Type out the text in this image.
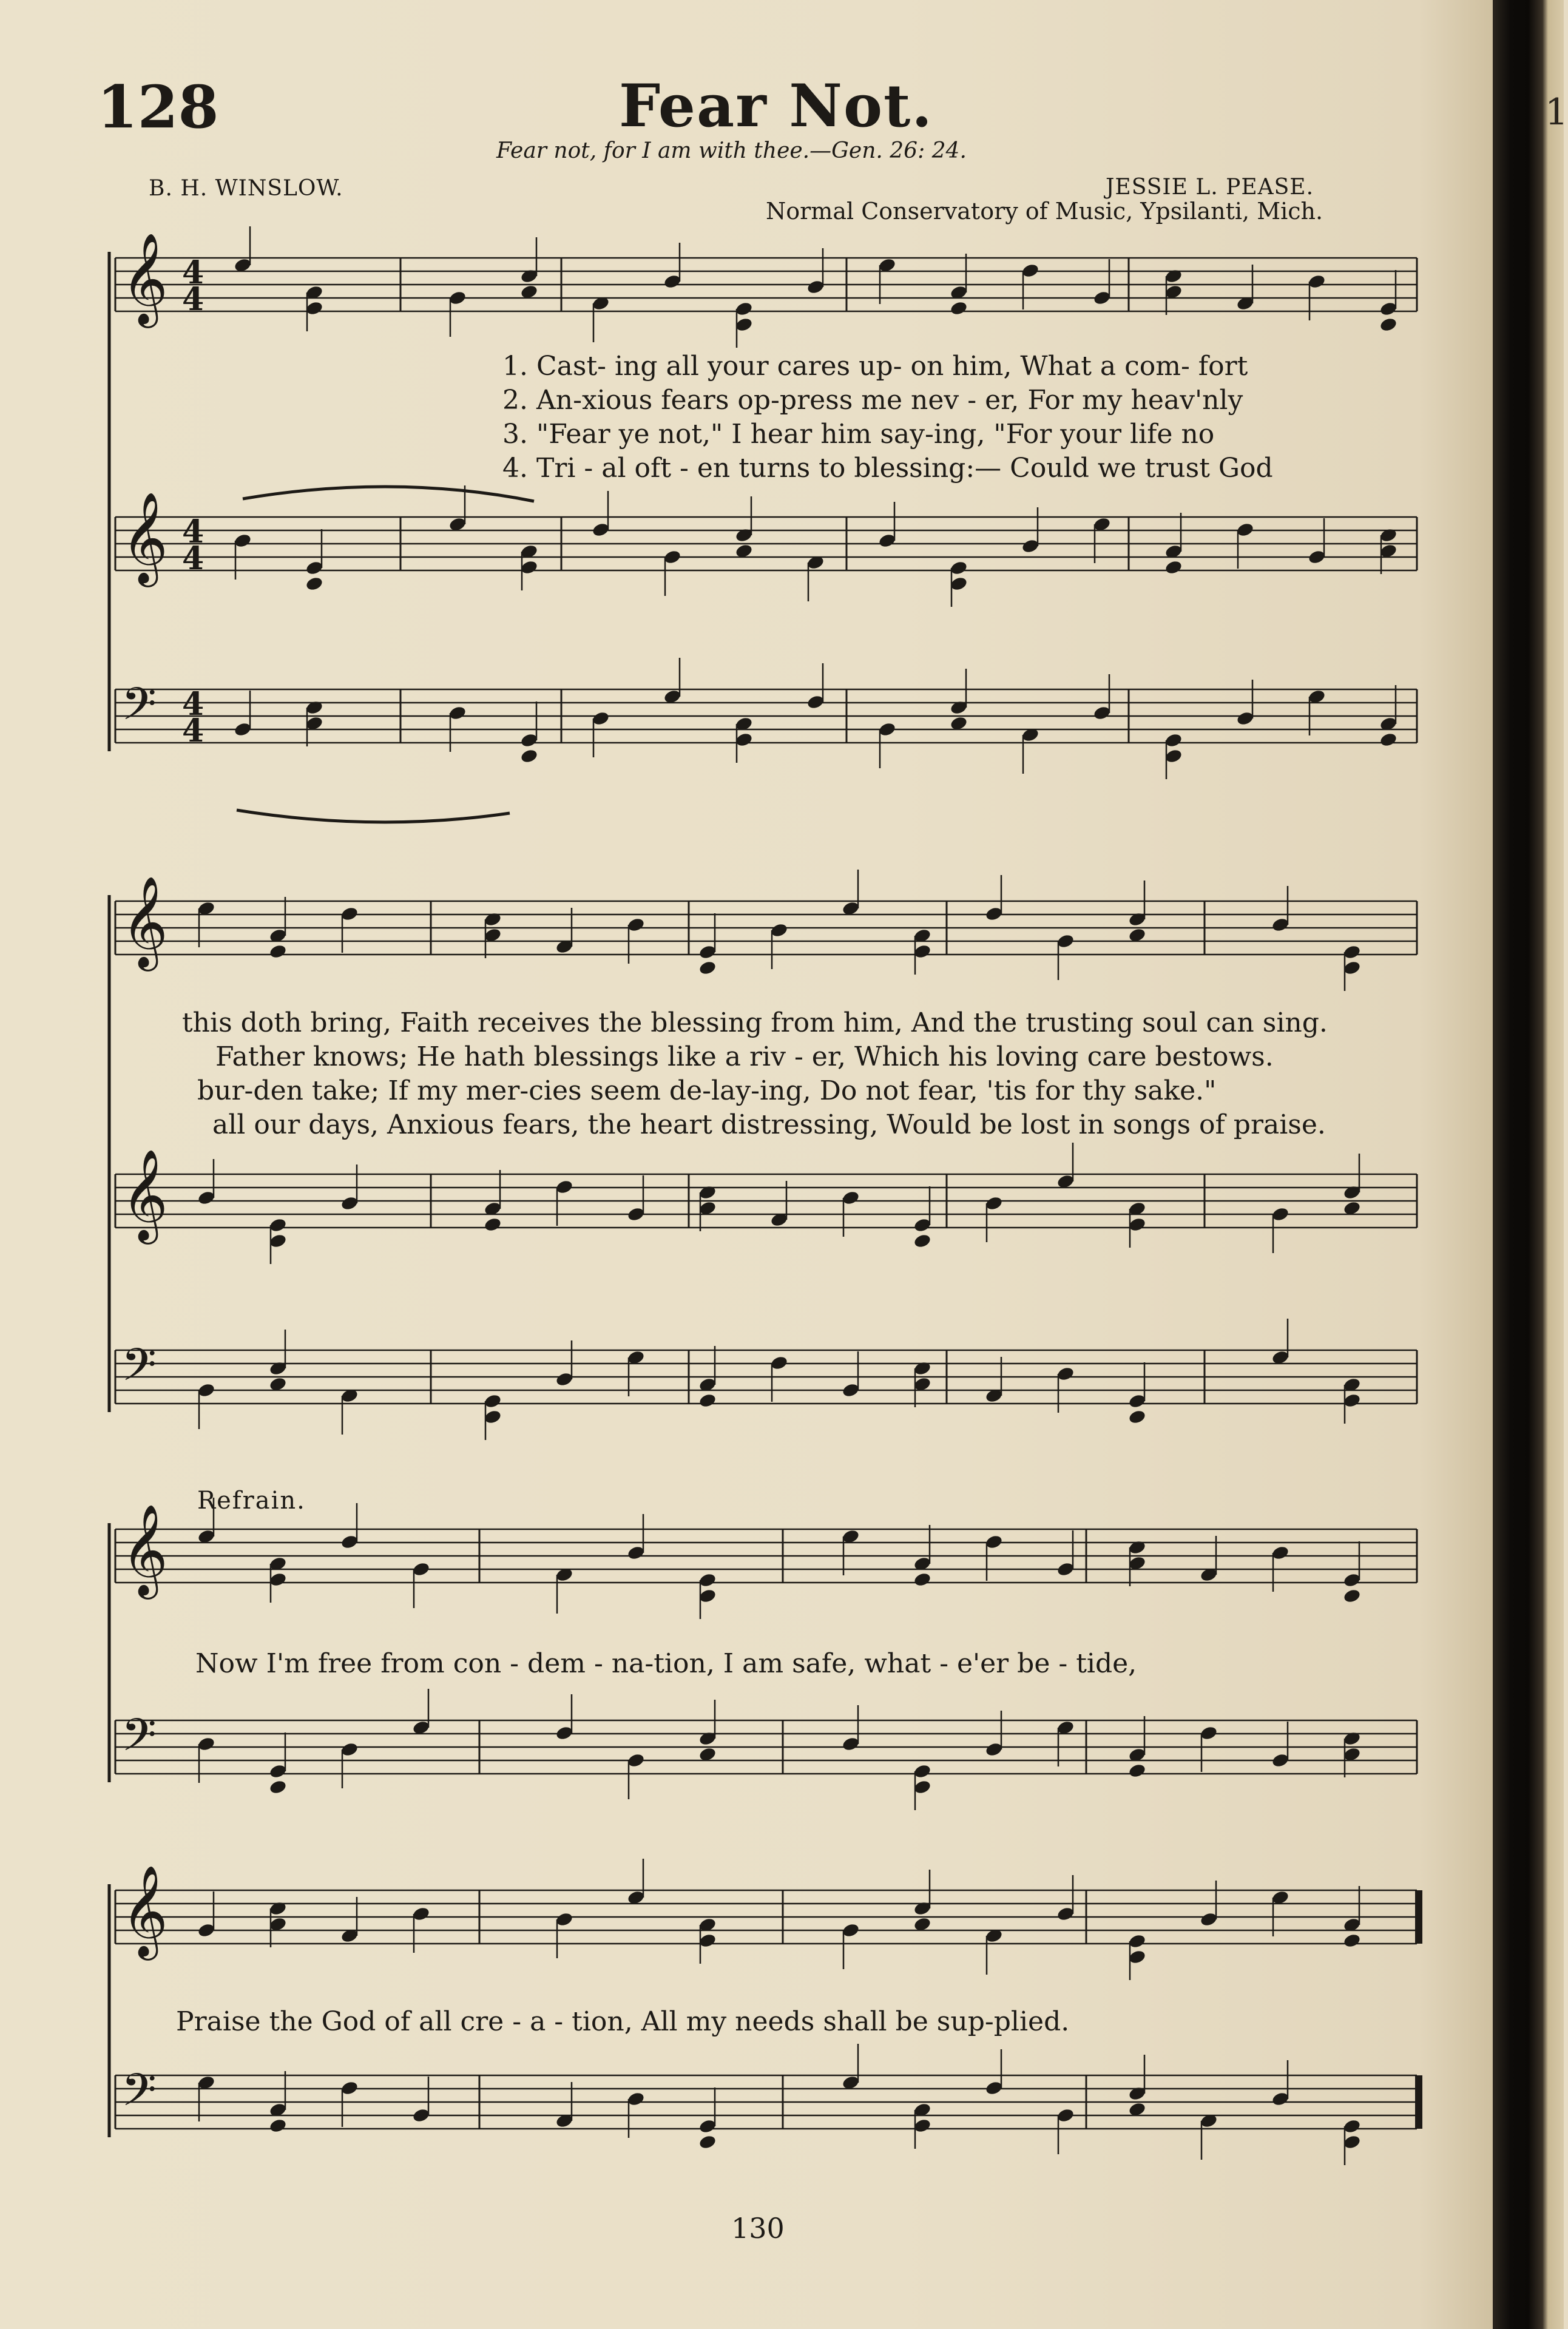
128	Fear Not.
Fear not, for I am with thee.—Gen. 26: 24.
B. H. WINSLOW.	JESSIE L. PEASE.
Normal Conservatory of Music, Ypsilanti, Mich.
𝄞 4
4
𝄞 4
4
𝄢 4
4
𝄞
𝄞
𝄢
𝄞
𝄢
𝄞
𝄢
1. Cast- ing all your cares up- on him, What a com- fort
2. An-xious fears op-press me nev - er, For my heav'nly
3. "Fear ye not," I hear him say-ing, "For your life no
4. Tri - al oft - en turns to blessing:— Could we trust God
this doth bring, Faith receives the blessing from him, And the trusting soul can sing.
Father knows; He hath blessings like a riv - er, Which his loving care bestows.
bur-den take; If my mer-cies seem de-lay-ing, Do not fear, 'tis for thy sake."
all our days, Anxious fears, the heart distressing, Would be lost in songs of praise.
Refrain.
Now I'm free from con - dem - na-tion, I am safe, what - e'er be - tide,
Praise the God of all cre - a - tion, All my needs shall be sup-plied.
130
1
